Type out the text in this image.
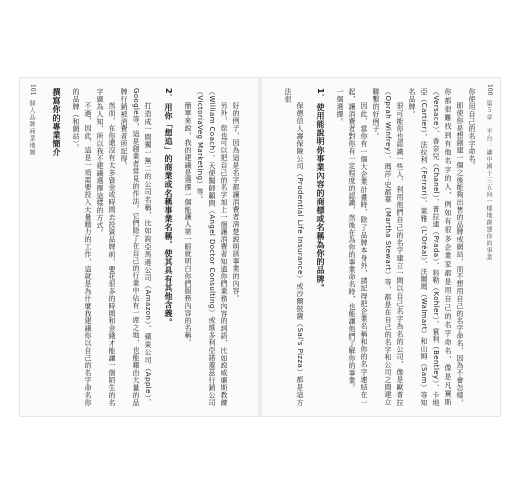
101
個人品牌商業地圖	好的例子，因為這是名字都讓消費者清楚說明該事業的內容。

另外，您也可以把自己的名字加上一個讓消費者知道你們業務內容的詞語，比如說威廉斯教練（William Coach）、天使醫師顧問（Angel Doctor Consulting）或維多利亞諾蓋茲行銷公司（VictoriaVeg Marketing）等。

簡單來說，我的建議是選擇一個能讓人第一眼就明白你們服務內容的名稱。

2．用你「想追」的商業或名稱事業名稱，使其具有其他含義。

打造成一間獨一無二的公司名稱，比如說亞馬遜公司（Amazon）、蘋果公司（Apple）、Google等，這是創業者常見的作法。它們除了在自己的行業中佔有一席之地，也能藉由大量的品牌行銷被消費者所記得。

然而，在你還沒有太多資金或時間去投資品牌前，要花很多的時間和金錢才能讓一個陌生的名字廣為人知，所以我不建議選擇這樣的方式。

不過，因此，這是一項需要投入大量精力的工作，這就是為什麼我建議你以自己的名字命名你的品牌（和網站）。

撰寫你的專業簡介	100
第５章　平台：讓中國十三五向一樣地創建你的事業

你使用自己的名字命名。

即使你是想創建一個之後能夠出售的品牌或網站，而不想用自己的名字命名，因為不會怎樣，你都很難找到有他名字的人，例如有很多企業家都是用自己的名字命名，像是凡賽斯（Versace）、香奈兒（Chanel）、普拉達（Prada）、科勒（Kohler）、賓利（Bentley）、卡地亞（Cartier）、法拉利（Ferrari）、萊雅（L'Oréal）、沃爾瑪（Walmart）和山姆（Sam）等知名品牌。

很可能你也認識一些人，利用他們自己的名字建立一間以自己名字為名的公司，像是歐普拉（Oprah Winfrey）、瑪莎·史都華（Martha Stewart）等，都是在自己的名字和公司之間建立聯繫的好例子。

因此，當你有一個大企業計畫時，除了品牌本身外，請記得把企業名稱和你的名字連結在一起，讓消費者對你有一定程度的認識，然後在為你的事業命名時，也能讓他們了解你的事業。

一個選擇。

1．使用能說明你事業內容的商標或名稱為你的品牌。

保德信人壽保險公司（Prudential Life Insurance）或沙爾披薩（Sal's Pizza）都是這方法很
